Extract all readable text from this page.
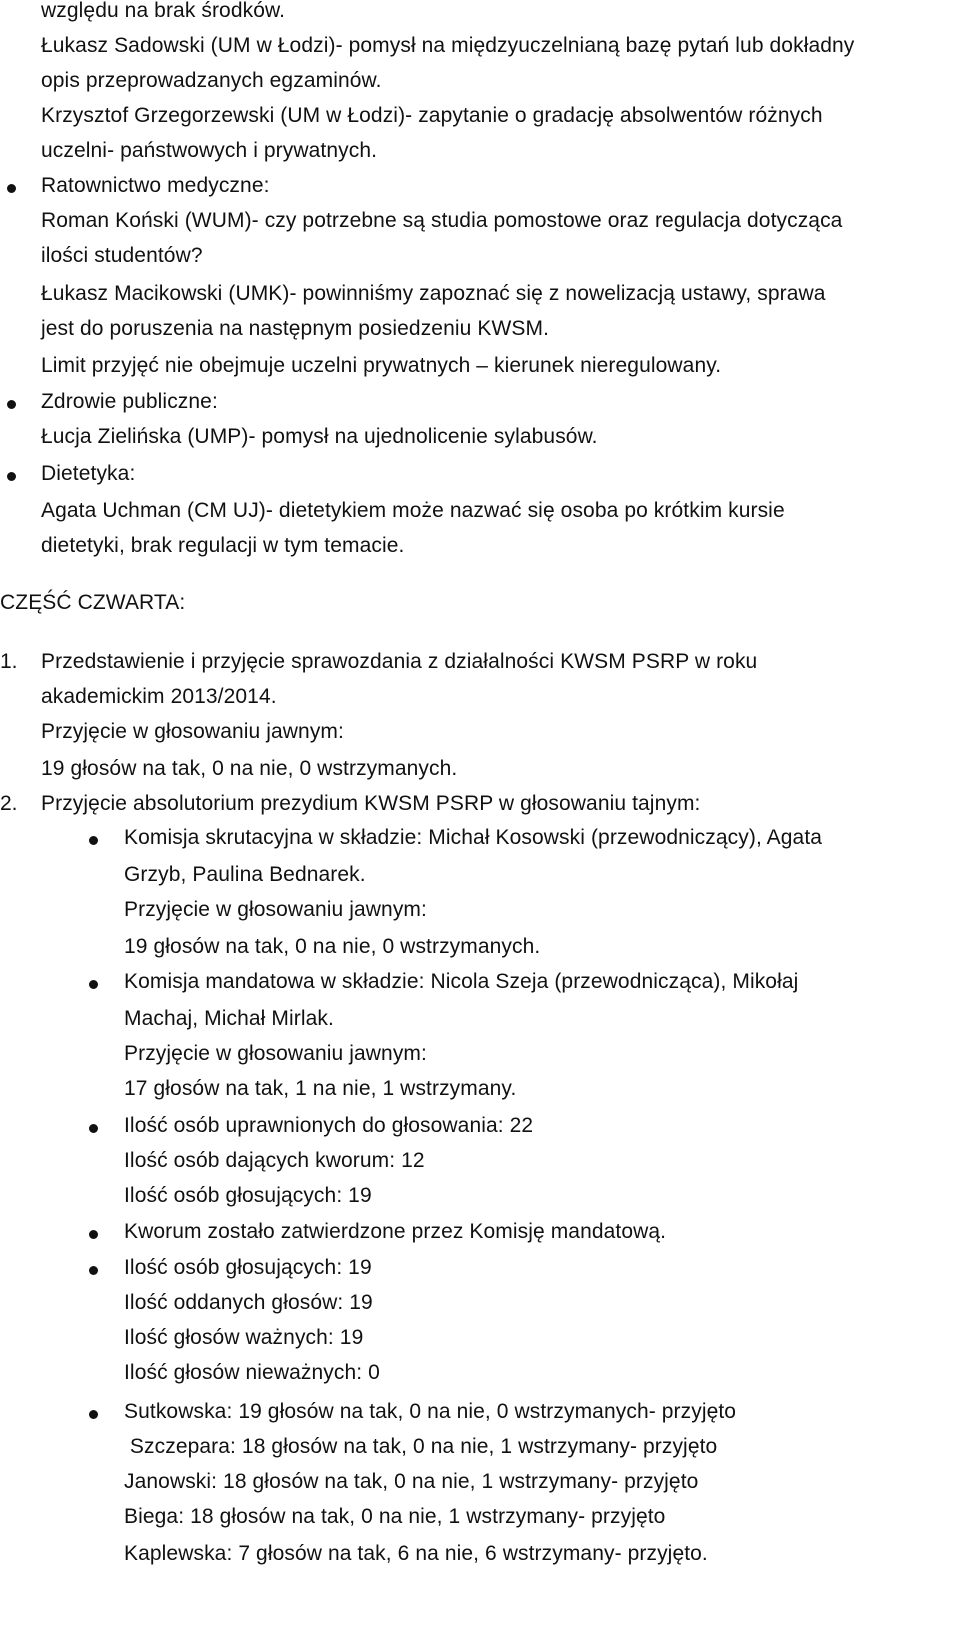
względu na brak środków.
Łukasz Sadowski (UM w Łodzi)- pomysł na międzyuczelnianą bazę pytań lub dokładny
opis przeprowadzanych egzaminów.
Krzysztof Grzegorzewski (UM w Łodzi)- zapytanie o gradację absolwentów różnych
uczelni- państwowych i prywatnych.
Ratownictwo medyczne:
Roman Koński (WUM)- czy potrzebne są studia pomostowe oraz regulacja dotycząca
ilości studentów?
Łukasz Macikowski (UMK)- powinniśmy zapoznać się z nowelizacją ustawy, sprawa
jest do poruszenia na następnym posiedzeniu KWSM.
Limit przyjęć nie obejmuje uczelni prywatnych – kierunek nieregulowany.
Zdrowie publiczne:
Łucja Zielińska (UMP)- pomysł na ujednolicenie sylabusów.
Dietetyka:
Agata Uchman (CM UJ)- dietetykiem może nazwać się osoba po krótkim kursie
dietetyki, brak regulacji w tym temacie.
CZĘŚĆ CZWARTA:
1. Przedstawienie i przyjęcie sprawozdania z działalności KWSM PSRP w roku
akademickim 2013/2014.
Przyjęcie w głosowaniu jawnym:
19 głosów na tak, 0 na nie, 0 wstrzymanych.
2. Przyjęcie absolutorium prezydium KWSM PSRP w głosowaniu tajnym:
Komisja skrutacyjna w składzie: Michał Kosowski (przewodniczący), Agata
Grzyb, Paulina Bednarek.
Przyjęcie w głosowaniu jawnym:
19 głosów na tak, 0 na nie, 0 wstrzymanych.
Komisja mandatowa w składzie: Nicola Szeja (przewodnicząca), Mikołaj
Machaj, Michał Mirlak.
Przyjęcie w głosowaniu jawnym:
17 głosów na tak, 1 na nie, 1 wstrzymany.
Ilość osób uprawnionych do głosowania: 22
Ilość osób dających kworum: 12
Ilość osób głosujących: 19
Kworum zostało zatwierdzone przez Komisję mandatową.
Ilość osób głosujących: 19
Ilość oddanych głosów: 19
Ilość głosów ważnych: 19
Ilość głosów nieważnych: 0
Sutkowska: 19 głosów na tak, 0 na nie, 0 wstrzymanych- przyjęto
Szczepara: 18 głosów na tak, 0 na nie, 1 wstrzymany- przyjęto
Janowski: 18 głosów na tak, 0 na nie, 1 wstrzymany- przyjęto
Biega: 18 głosów na tak, 0 na nie, 1 wstrzymany- przyjęto
Kaplewska: 7 głosów na tak, 6 na nie, 6 wstrzymany- przyjęto.
